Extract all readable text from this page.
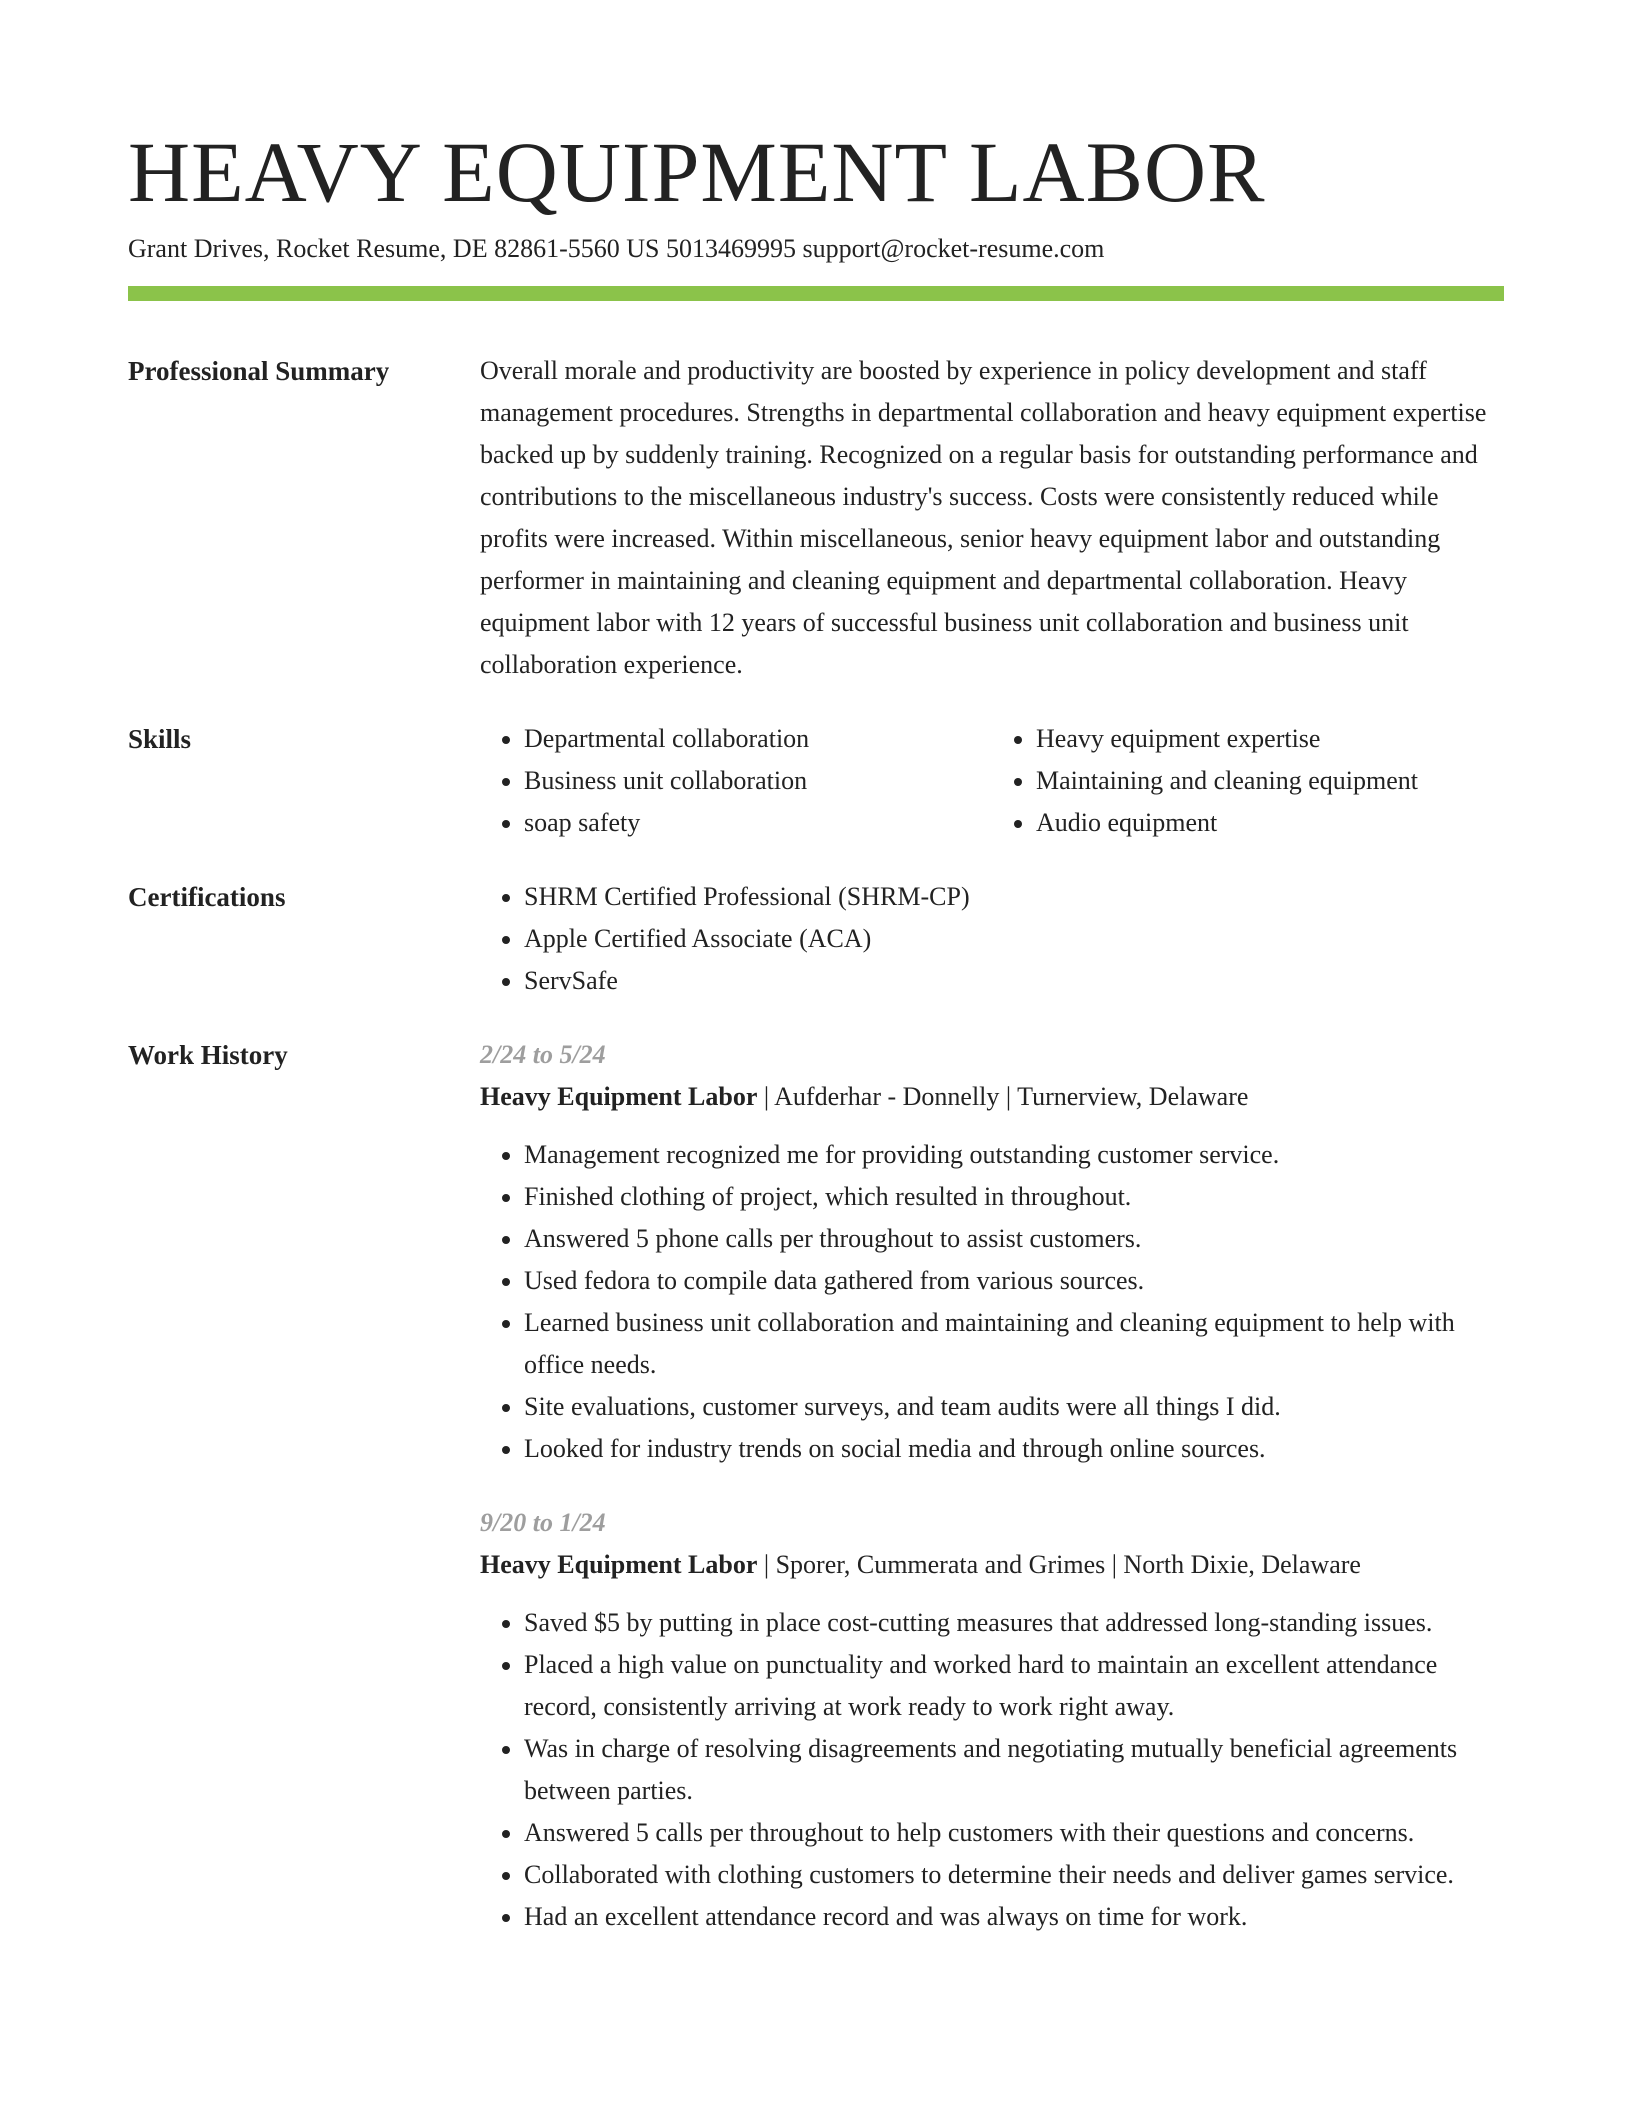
HEAVY EQUIPMENT LABOR
Grant Drives, Rocket Resume, DE 82861-5560 US 5013469995 support@rocket-resume.com
Professional Summary	Overall morale and productivity are boosted by experience in policy development and staff management procedures. Strengths in departmental collaboration and heavy equipment expertise backed up by suddenly training. Recognized on a regular basis for outstanding performance and contributions to the miscellaneous industry's success. Costs were consistently reduced while profits were increased. Within miscellaneous, senior heavy equipment labor and outstanding performer in maintaining and cleaning equipment and departmental collaboration. Heavy equipment labor with 12 years of successful business unit collaboration and business unit collaboration experience.

Skills	• Departmental collaboration
• Business unit collaboration
• soap safety
• Heavy equipment expertise
• Maintaining and cleaning equipment
• Audio equipment
Certifications	• SHRM Certified Professional (SHRM-CP)
• Apple Certified Associate (ACA)
• ServSafe
Work History	2/24 to 5/24
Heavy Equipment Labor | Aufderhar - Donnelly | Turnerview, Delaware
• Management recognized me for providing outstanding customer service.
• Finished clothing of project, which resulted in throughout.
• Answered 5 phone calls per throughout to assist customers.
• Used fedora to compile data gathered from various sources.
• Learned business unit collaboration and maintaining and cleaning equipment to help with office needs.
• Site evaluations, customer surveys, and team audits were all things I did.
• Looked for industry trends on social media and through online sources.
9/20 to 1/24
Heavy Equipment Labor | Sporer, Cummerata and Grimes | North Dixie, Delaware
• Saved $5 by putting in place cost-cutting measures that addressed long-standing issues.
• Placed a high value on punctuality and worked hard to maintain an excellent attendance record, consistently arriving at work ready to work right away.
• Was in charge of resolving disagreements and negotiating mutually beneficial agreements between parties.
• Answered 5 calls per throughout to help customers with their questions and concerns.
• Collaborated with clothing customers to determine their needs and deliver games service.
• Had an excellent attendance record and was always on time for work.
